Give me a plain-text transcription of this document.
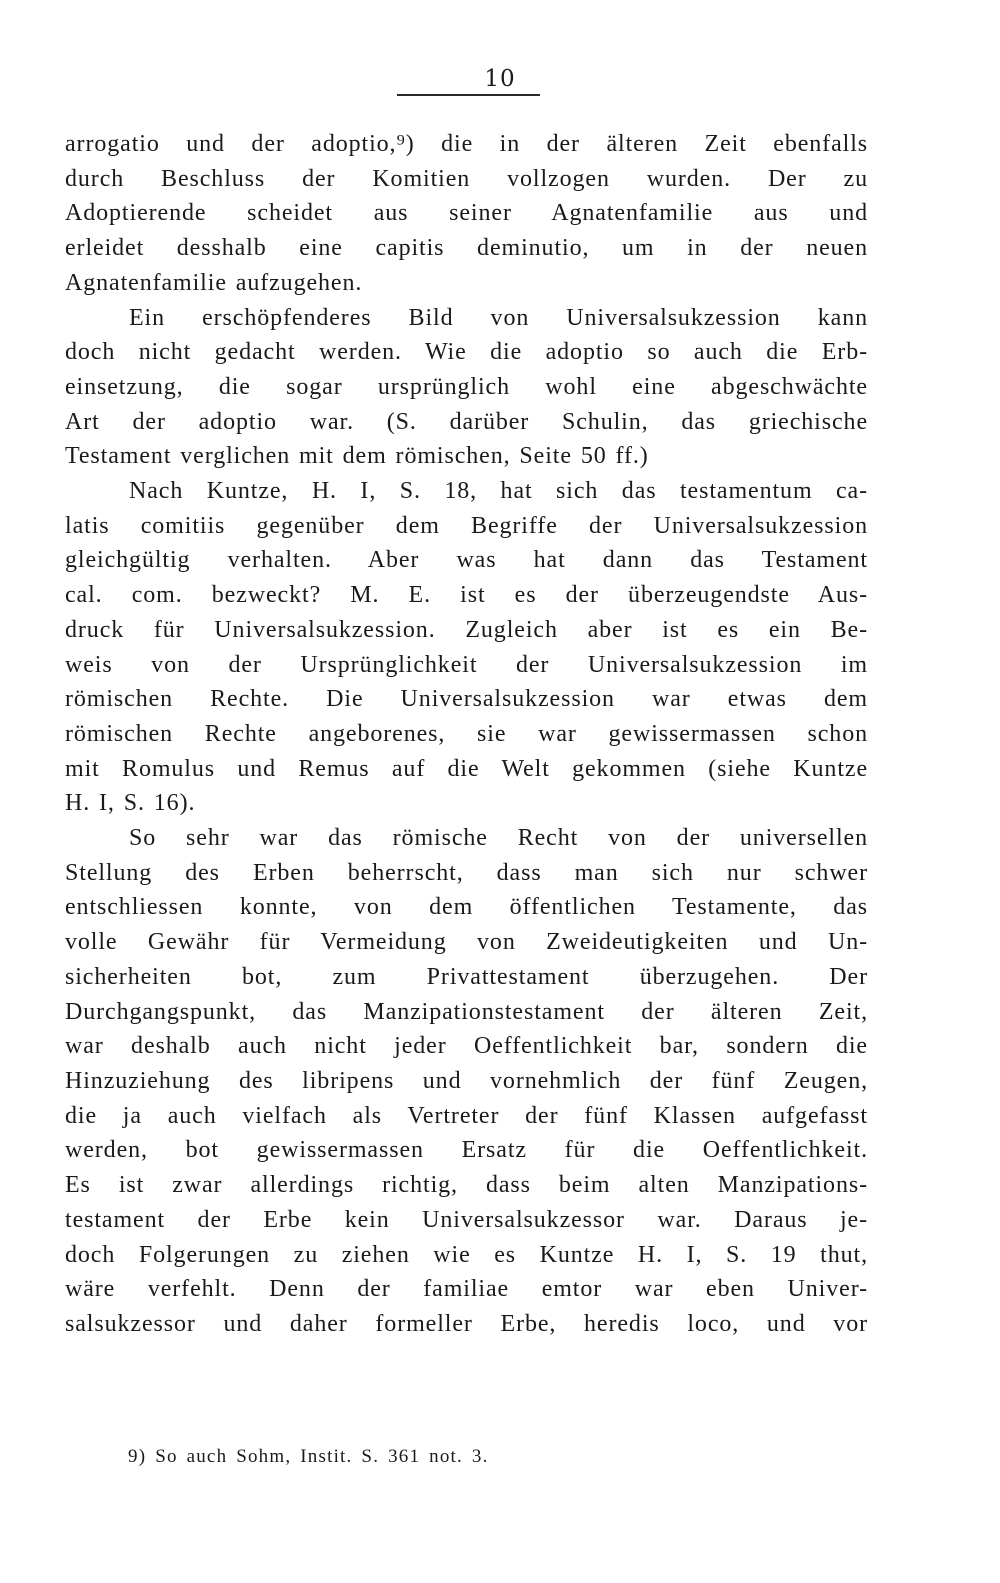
10
arrogatio und der adoptio,⁹) die in der älteren Zeit ebenfalls
durch Beschluss der Komitien vollzogen wurden. Der zu
Adoptierende scheidet aus seiner Agnatenfamilie aus und
erleidet desshalb eine capitis deminutio, um in der neuen
Agnatenfamilie aufzugehen.
Ein erschöpfenderes Bild von Universalsukzession kann
doch nicht gedacht werden. Wie die adoptio so auch die Erb-
einsetzung, die sogar ursprünglich wohl eine abgeschwächte
Art der adoptio war. (S. darüber Schulin, das griechische
Testament verglichen mit dem römischen, Seite 50 ff.)
Nach Kuntze, H. I, S. 18, hat sich das testamentum ca-
latis comitiis gegenüber dem Begriffe der Universalsukzession
gleichgültig verhalten. Aber was hat dann das Testament
cal. com. bezweckt? M. E. ist es der überzeugendste Aus-
druck für Universalsukzession. Zugleich aber ist es ein Be-
weis von der Ursprünglichkeit der Universalsukzession im
römischen Rechte. Die Universalsukzession war etwas dem
römischen Rechte angeborenes, sie war gewissermassen schon
mit Romulus und Remus auf die Welt gekommen (siehe Kuntze
H. I, S. 16).
So sehr war das römische Recht von der universellen
Stellung des Erben beherrscht, dass man sich nur schwer
entschliessen konnte, von dem öffentlichen Testamente, das
volle Gewähr für Vermeidung von Zweideutigkeiten und Un-
sicherheiten bot, zum Privattestament überzugehen. Der
Durchgangspunkt, das Manzipationstestament der älteren Zeit,
war deshalb auch nicht jeder Oeffentlichkeit bar, sondern die
Hinzuziehung des libripens und vornehmlich der fünf Zeugen,
die ja auch vielfach als Vertreter der fünf Klassen aufgefasst
werden, bot gewissermassen Ersatz für die Oeffentlichkeit.
Es ist zwar allerdings richtig, dass beim alten Manzipations-
testament der Erbe kein Universalsukzessor war. Daraus je-
doch Folgerungen zu ziehen wie es Kuntze H. I, S. 19 thut,
wäre verfehlt. Denn der familiae emtor war eben Univer-
salsukzessor und daher formeller Erbe, heredis loco, und vor
9) So auch Sohm, Instit. S. 361 not. 3.
